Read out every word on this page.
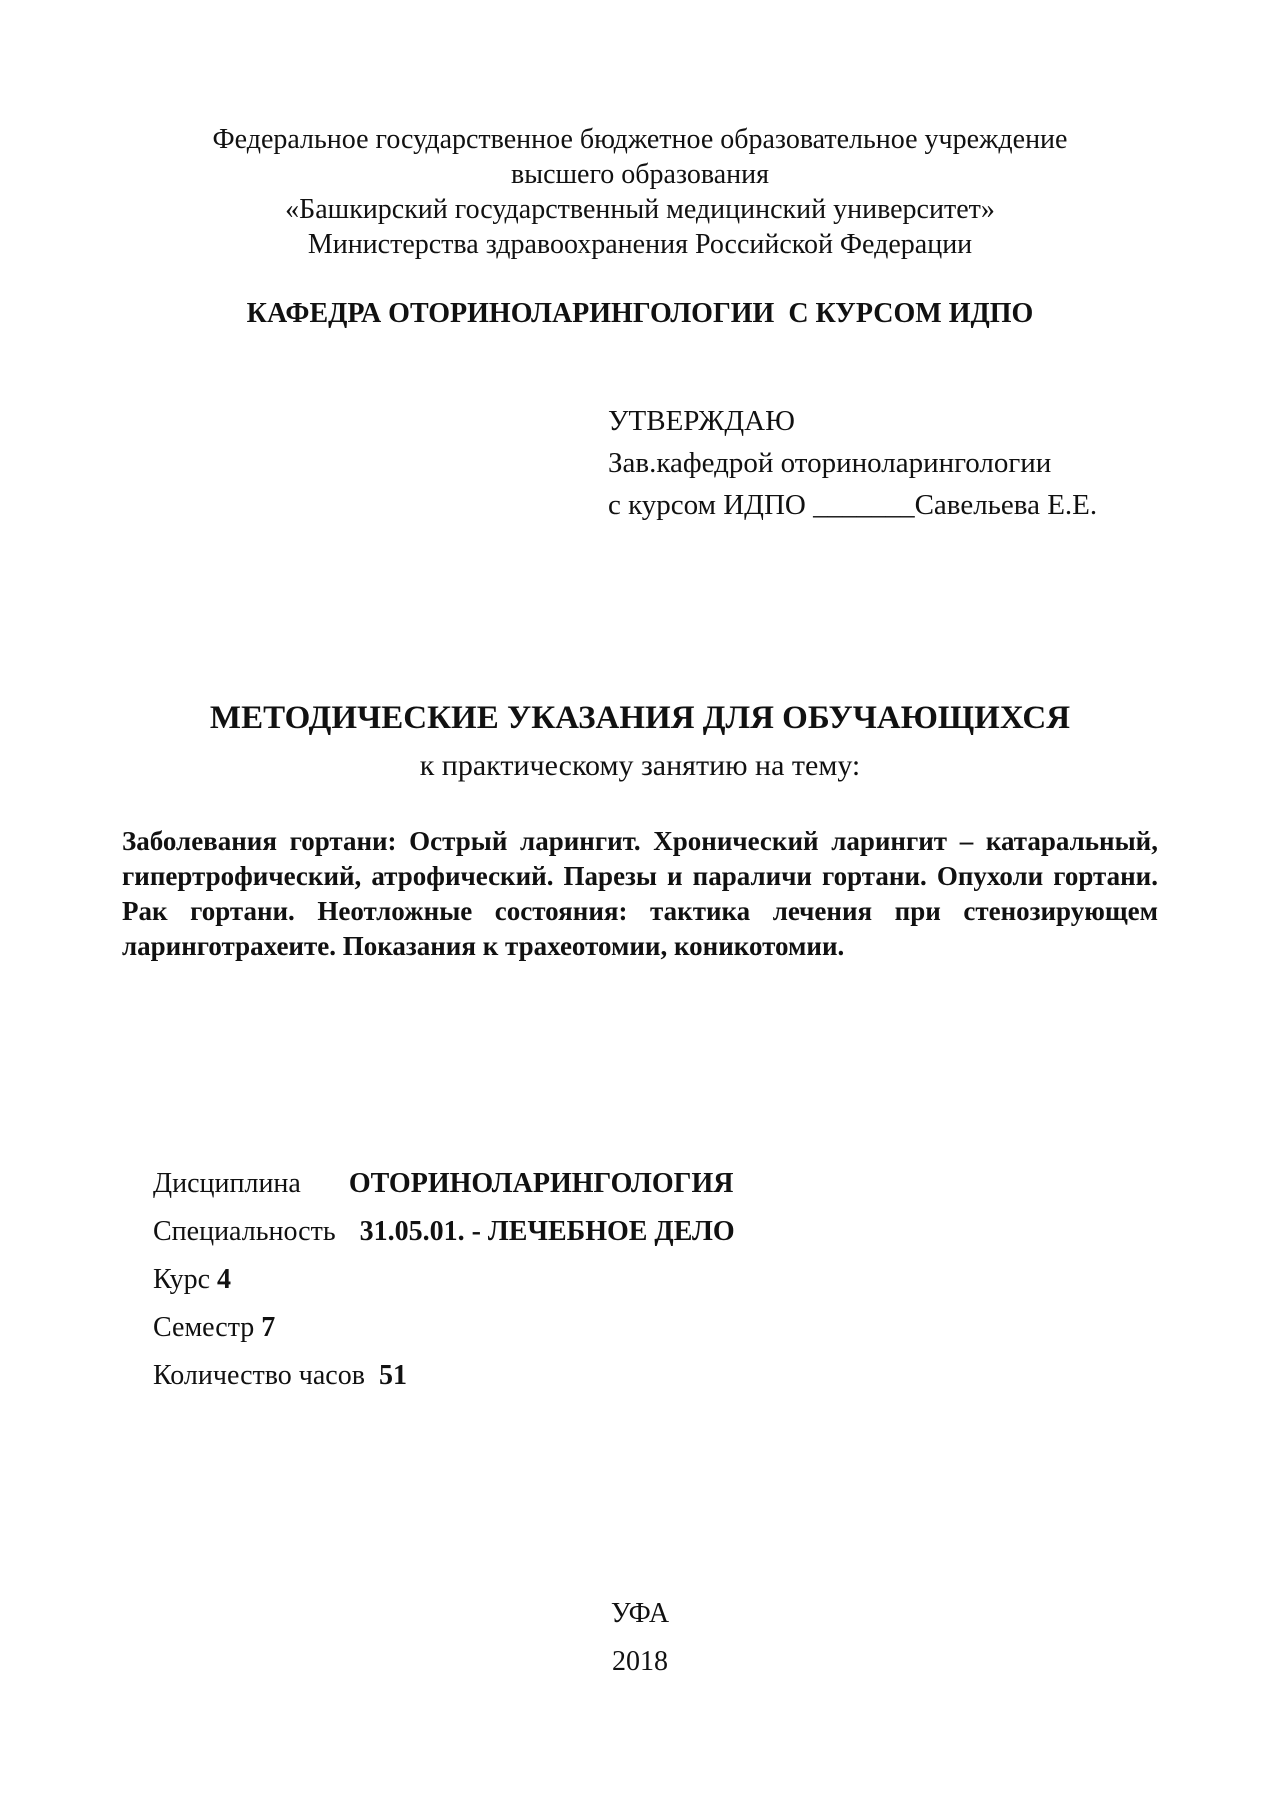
Федеральное государственное бюджетное образовательное учреждение
высшего образования
«Башкирский государственный медицинский университет»
Министерства здравоохранения Российской Федерации
КАФЕДРА ОТОРИНОЛАРИНГОЛОГИИ  С КУРСОМ ИДПО
УТВЕРЖДАЮ
Зав.кафедрой оториноларингологии
с курсом ИДПО _______Савельева Е.Е.
МЕТОДИЧЕСКИЕ УКАЗАНИЯ ДЛЯ ОБУЧАЮЩИХСЯ
к практическому занятию на тему:
Заболевания гортани: Острый ларингит. Хронический ларингит – катаральный, гипертрофический, атрофический. Парезы и параличи гортани. Опухоли гортани. Рак гортани. Неотложные состояния: тактика лечения при стенозирующем ларинготрахеите. Показания к трахеотомии, коникотомии.
Дисциплина ОТОРИНОЛАРИНГОЛОГИЯ
Специальность 31.05.01. - ЛЕЧЕБНОЕ ДЕЛО
Курс 4
Семестр 7
Количество часов 51
УФА
2018
